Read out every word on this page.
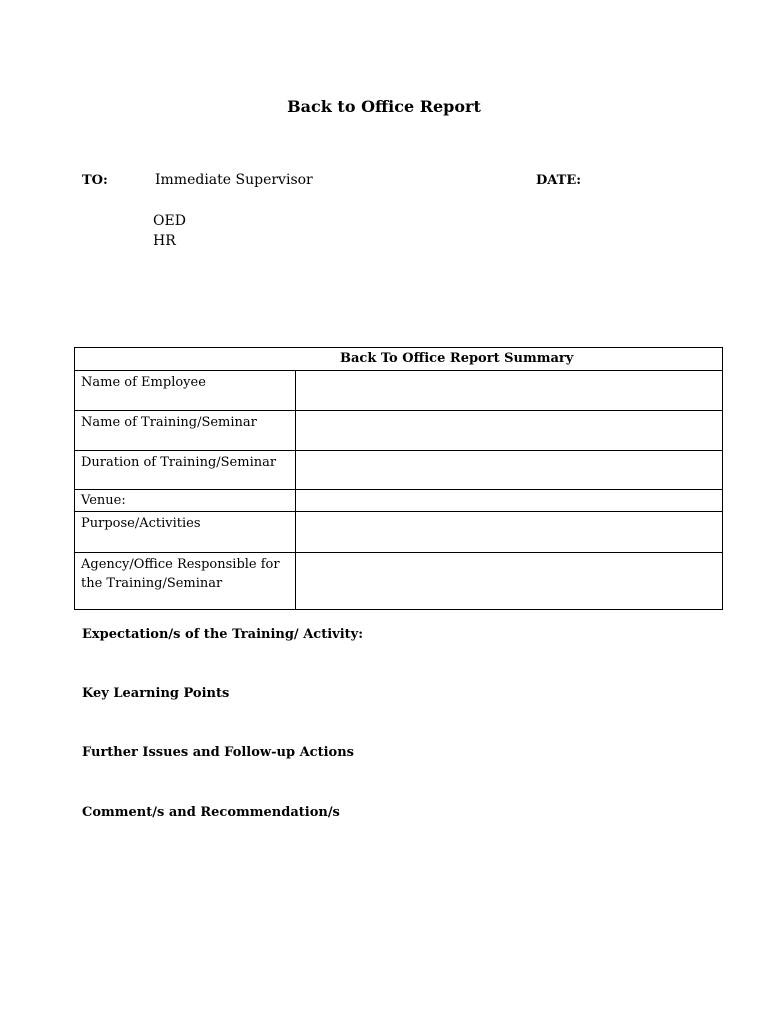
Back to Office Report
TO:	Immediate Supervisor	DATE:
OED
HR
Back To Office Report Summary	
Name of Employee	
Name of Training/Seminar	
Duration of Training/Seminar	
Venue:	
Purpose/Activities	
Agency/Office Responsible for the Training/Seminar	
Expectation/s of the Training/ Activity:
Key Learning Points
Further Issues and Follow-up Actions
Comment/s and Recommendation/s
